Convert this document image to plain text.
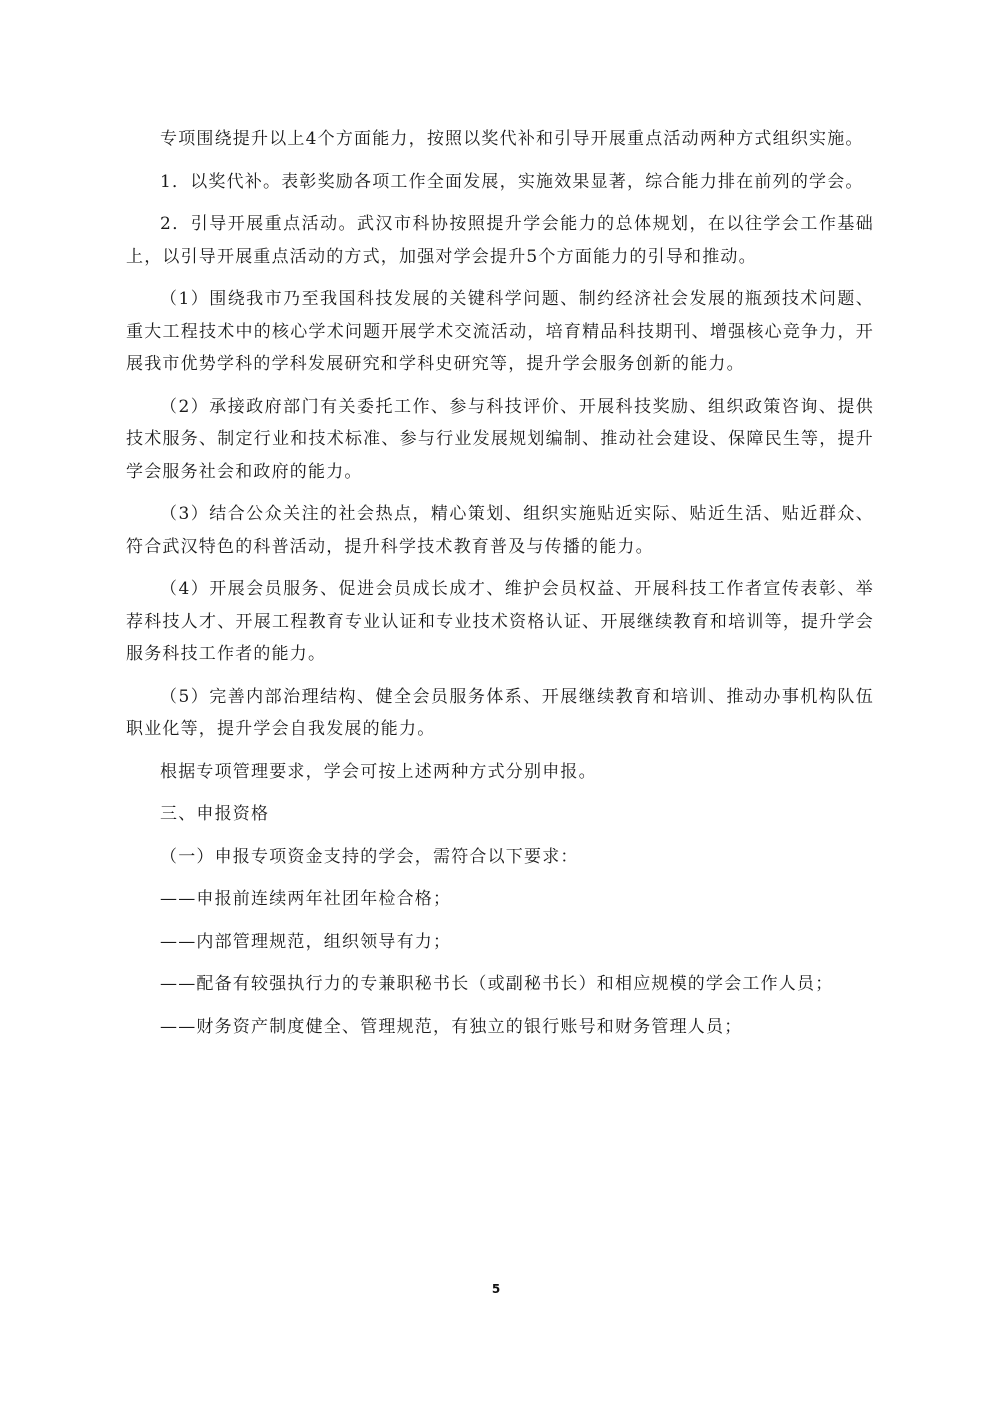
专项围绕提升以上4个方面能力，按照以奖代补和引导开展重点活动两种方式组织实施。

1．以奖代补。表彰奖励各项工作全面发展，实施效果显著，综合能力排在前列的学会。

2．引导开展重点活动。武汉市科协按照提升学会能力的总体规划，在以往学会工作基础上，以引导开展重点活动的方式，加强对学会提升5个方面能力的引导和推动。

（1）围绕我市乃至我国科技发展的关键科学问题、制约经济社会发展的瓶颈技术问题、重大工程技术中的核心学术问题开展学术交流活动，培育精品科技期刊、增强核心竞争力，开展我市优势学科的学科发展研究和学科史研究等，提升学会服务创新的能力。

（2）承接政府部门有关委托工作、参与科技评价、开展科技奖励、组织政策咨询、提供技术服务、制定行业和技术标准、参与行业发展规划编制、推动社会建设、保障民生等，提升学会服务社会和政府的能力。

（3）结合公众关注的社会热点，精心策划、组织实施贴近实际、贴近生活、贴近群众、符合武汉特色的科普活动，提升科学技术教育普及与传播的能力。

（4）开展会员服务、促进会员成长成才、维护会员权益、开展科技工作者宣传表彰、举荐科技人才、开展工程教育专业认证和专业技术资格认证、开展继续教育和培训等，提升学会服务科技工作者的能力。

（5）完善内部治理结构、健全会员服务体系、开展继续教育和培训、推动办事机构队伍职业化等，提升学会自我发展的能力。

根据专项管理要求，学会可按上述两种方式分别申报。

三、申报资格

（一）申报专项资金支持的学会，需符合以下要求：

——申报前连续两年社团年检合格；

——内部管理规范，组织领导有力；

——配备有较强执行力的专兼职秘书长（或副秘书长）和相应规模的学会工作人员；

——财务资产制度健全、管理规范，有独立的银行账号和财务管理人员；

5
